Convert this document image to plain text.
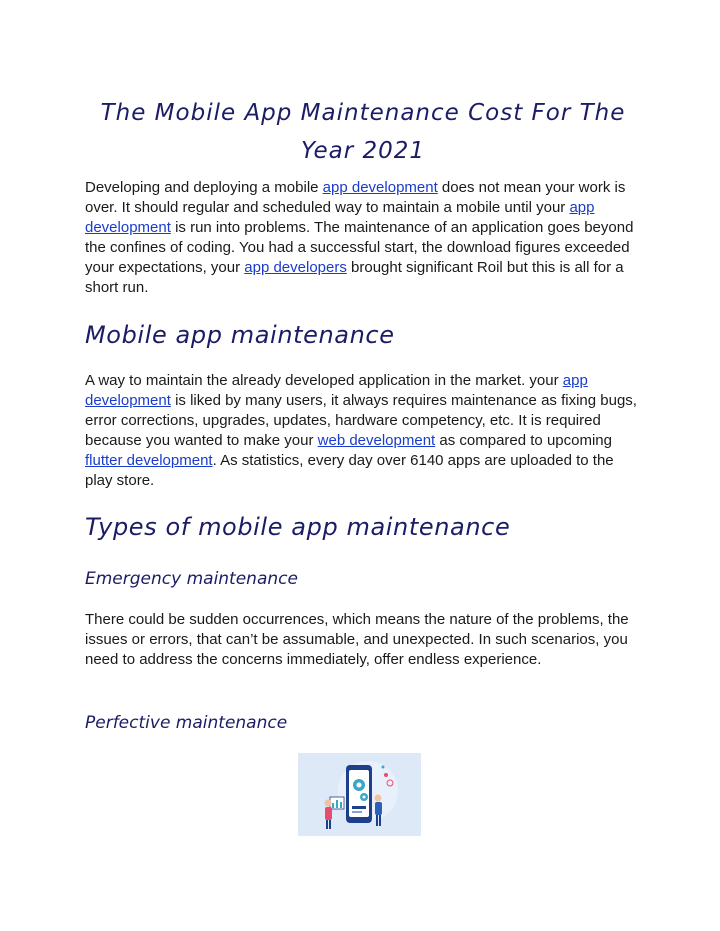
The Mobile App Maintenance Cost For The Year 2021

Developing and deploying a mobile app development does not mean your work is over. It should regular and scheduled way to maintain a mobile until your app development is run into problems. The maintenance of an application goes beyond the confines of coding. You had a successful start, the download figures exceeded your expectations, your app developers brought significant Roil but this is all for a short run.

Mobile app maintenance

A way to maintain the already developed application in the market. your app development is liked by many users, it always requires maintenance as fixing bugs, error corrections, upgrades, updates, hardware competency, etc. It is required because you wanted to make your web development as compared to upcoming flutter development. As statistics, every day over 6140 apps are uploaded to the play store.

Types of mobile app maintenance
Emergency maintenance

There could be sudden occurrences, which means the nature of the problems, the issues or errors, that can’t be assumable, and unexpected. In such scenarios, you need to address the concerns immediately, offer endless experience.

Perfective maintenance
